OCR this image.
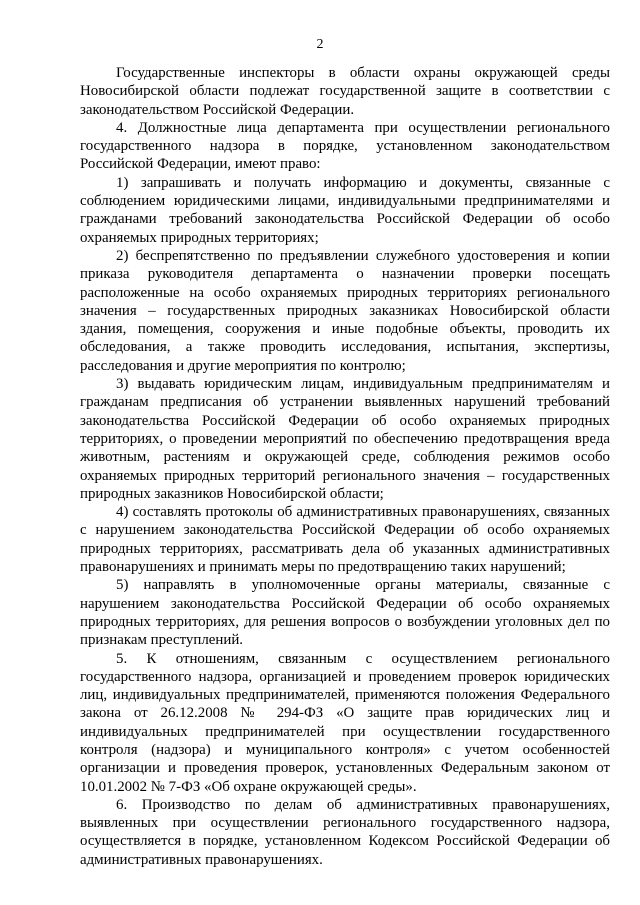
2

Государственные инспекторы в области охраны окружающей среды Новосибирской области подлежат государственной защите в соответствии с законодательством Российской Федерации.

4. Должностные лица департамента при осуществлении регионального государственного надзора в порядке, установленном законодательством Российской Федерации, имеют право:

1) запрашивать и получать информацию и документы, связанные с соблюдением юридическими лицами, индивидуальными предпринимателями и гражданами требований законодательства Российской Федерации об особо охраняемых природных территориях;

2) беспрепятственно по предъявлении служебного удостоверения и копии приказа руководителя департамента о назначении проверки посещать расположенные на особо охраняемых природных территориях регионального значения – государственных природных заказниках Новосибирской области здания, помещения, сооружения и иные подобные объекты, проводить их обследования, а также проводить исследования, испытания, экспертизы, расследования и другие мероприятия по контролю;

3) выдавать юридическим лицам, индивидуальным предпринимателям и гражданам предписания об устранении выявленных нарушений требований законодательства Российской Федерации об особо охраняемых природных территориях, о проведении мероприятий по обеспечению предотвращения вреда животным, растениям и окружающей среде, соблюдения режимов особо охраняемых природных территорий регионального значения – государственных природных заказников Новосибирской области;

4) составлять протоколы об административных правонарушениях, связанных с нарушением законодательства Российской Федерации об особо охраняемых природных территориях, рассматривать дела об указанных административных правонарушениях и принимать меры по предотвращению таких нарушений;

5) направлять в уполномоченные органы материалы, связанные с нарушением законодательства Российской Федерации об особо охраняемых природных территориях, для решения вопросов о возбуждении уголовных дел по признакам преступлений.

5. К отношениям, связанным с осуществлением регионального государственного надзора, организацией и проведением проверок юридических лиц, индивидуальных предпринимателей, применяются положения Федерального закона от 26.12.2008 № 294-ФЗ «О защите прав юридических лиц и индивидуальных предпринимателей при осуществлении государственного контроля (надзора) и муниципального контроля» с учетом особенностей организации и проведения проверок, установленных Федеральным законом от 10.01.2002 № 7-ФЗ «Об охране окружающей среды».

6. Производство по делам об административных правонарушениях, выявленных при осуществлении регионального государственного надзора, осуществляется в порядке, установленном Кодексом Российской Федерации об административных правонарушениях.
